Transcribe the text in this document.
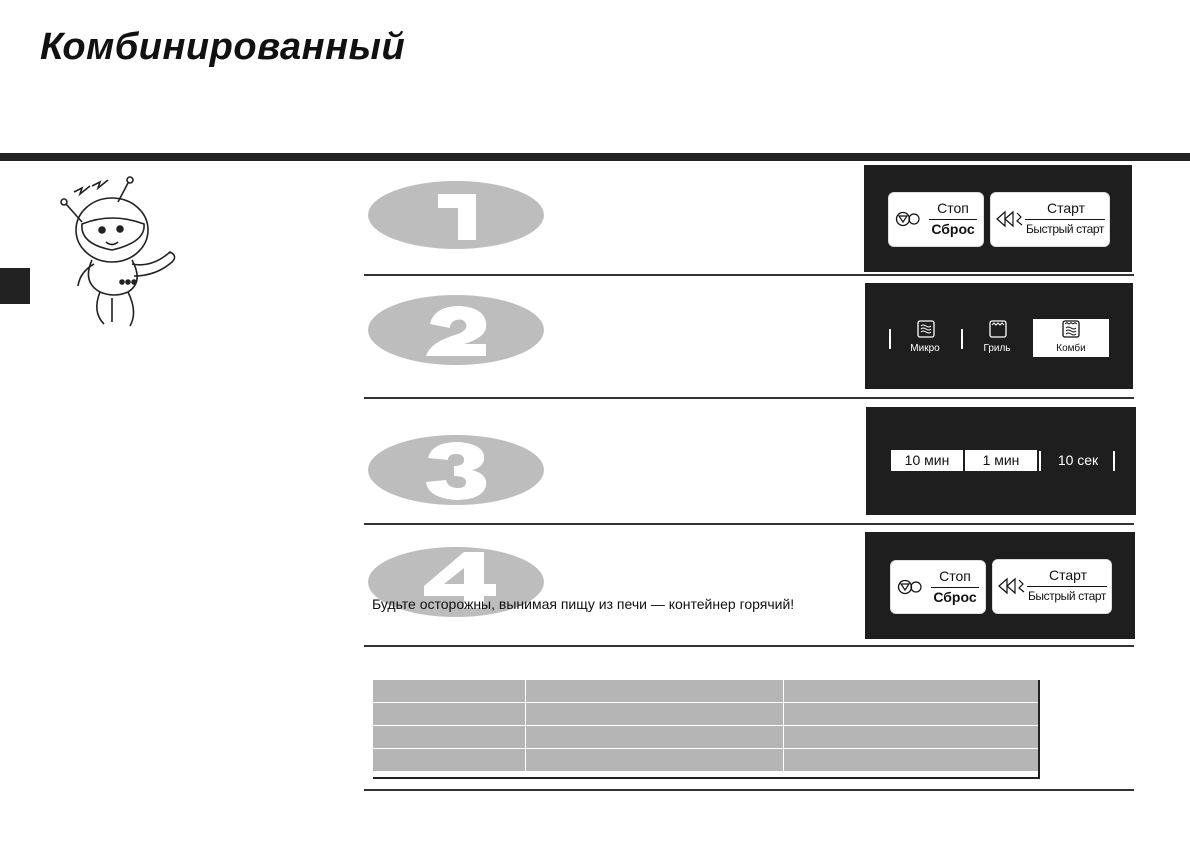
Комбинированный
Стоп
Сброс
Старт
Быстрый старт
Микро	Гриль	Комби
10 мин	1 мин	10 сек
Стоп
Сброс
Старт
Быстрый старт
Будьте осторожны, вынимая пищу из печи — контейнер горячий!
